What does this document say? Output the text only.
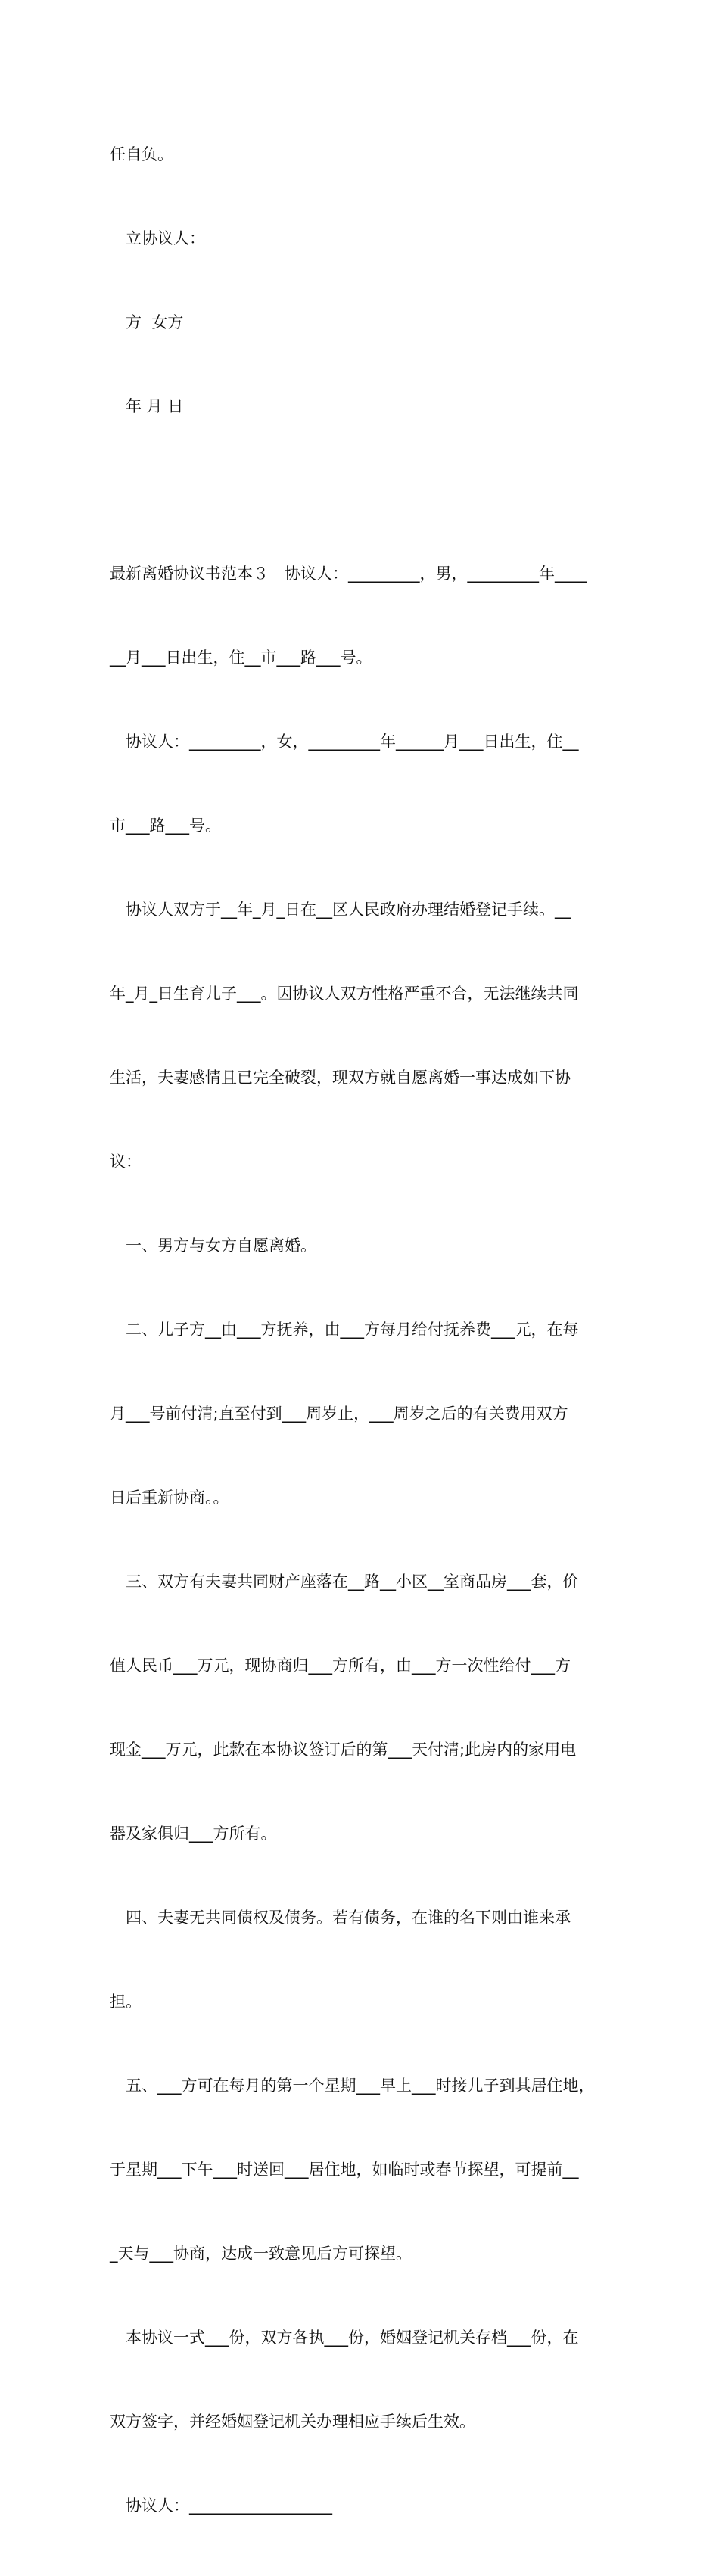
任自负。

　立协议人：

　方  女方

　年 月 日

最新离婚协议书范本３　协议人：_________，男，_________年____

__月___日出生，住__市___路___号。

　协议人：_________，女，_________年______月___日出生，住__

市___路___号。

　协议人双方于__年_月_日在__区人民政府办理结婚登记手续。__

年_月_日生育儿子___。因协议人双方性格严重不合，无法继续共同

生活，夫妻感情且已完全破裂，现双方就自愿离婚一事达成如下协

议：

　一、男方与女方自愿离婚。

　二、儿子方__由___方抚养，由___方每月给付抚养费___元，在每

月___号前付清;直至付到___周岁止，___周岁之后的有关费用双方

日后重新协商。。

　三、双方有夫妻共同财产座落在__路__小区__室商品房___套，价

值人民币___万元，现协商归___方所有，由___方一次性给付___方

现金___万元，此款在本协议签订后的第___天付清;此房内的家用电

器及家俱归___方所有。

　四、夫妻无共同债权及债务。若有债务，在谁的名下则由谁来承

担。

　五、___方可在每月的第一个星期___早上___时接儿子到其居住地，

于星期___下午___时送回___居住地，如临时或春节探望，可提前__

_天与___协商，达成一致意见后方可探望。

　本协议一式___份，双方各执___份，婚姻登记机关存档___份，在

双方签字，并经婚姻登记机关办理相应手续后生效。

　协议人：__________________
